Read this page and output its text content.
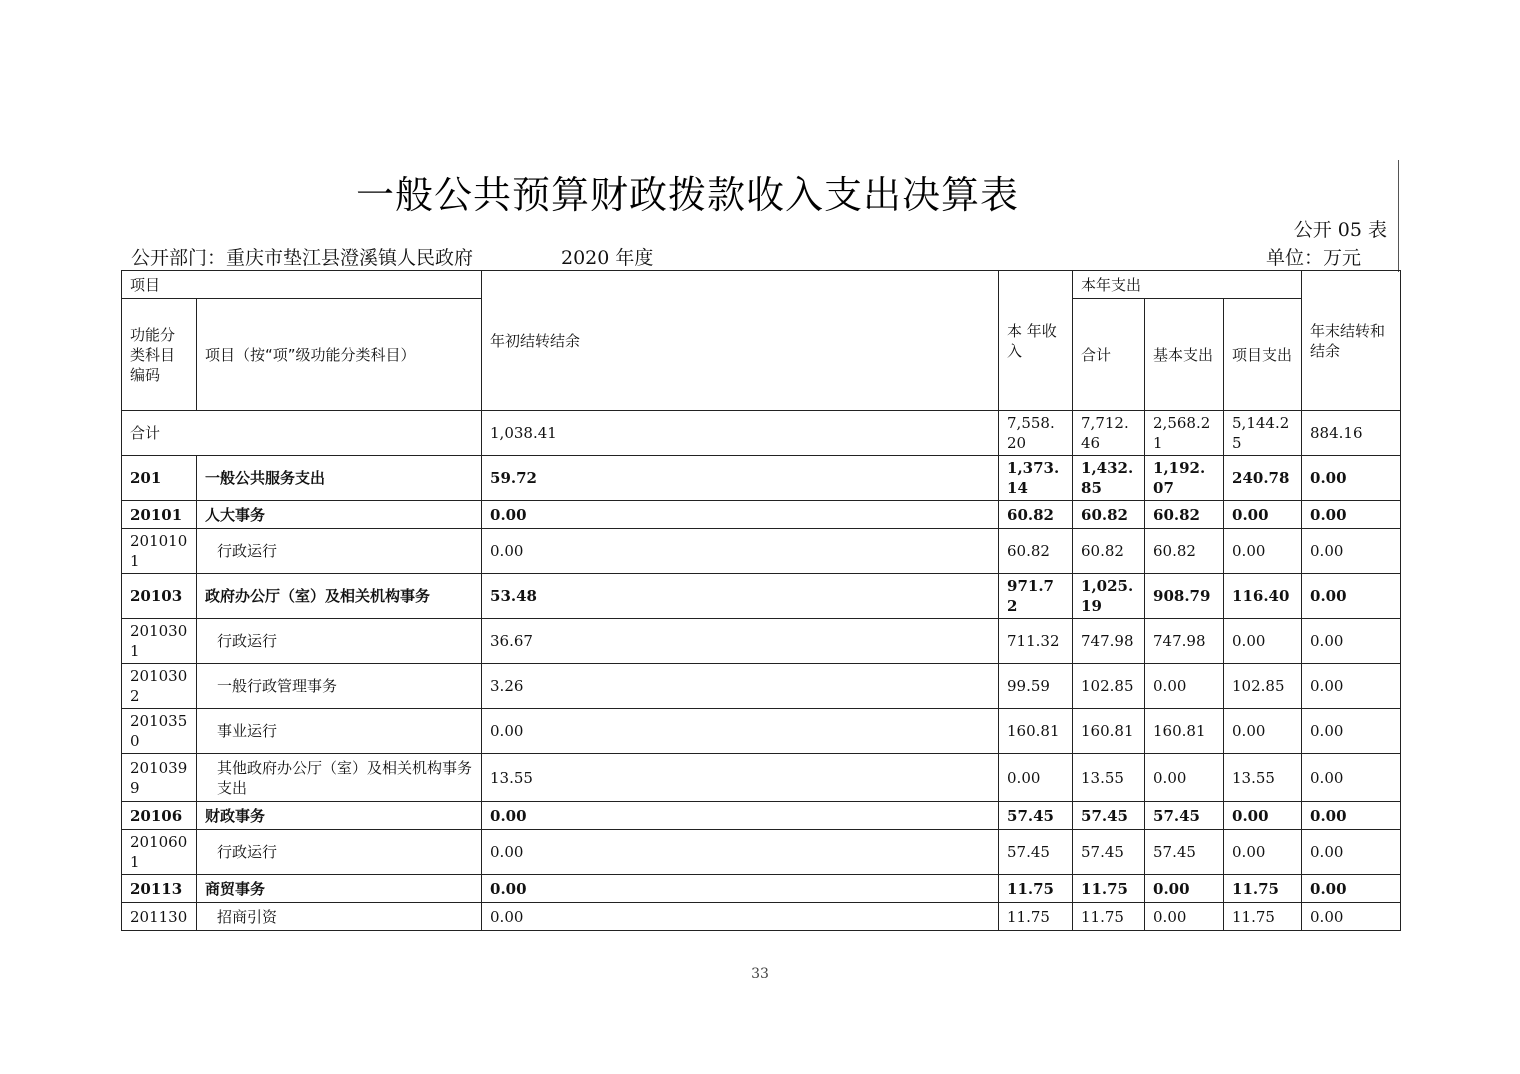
一般公共预算财政拨款收入支出决算表
公开 05 表
公开部门：重庆市垫江县澄溪镇人民政府	2020 年度	单位：万元
项目		年初结转结余	本 年收入	本年支出			年末结转和结余
功能分类科目编码	项目（按“项”级功能分类科目）			合计	基本支出	项目支出	
合计		1,038.41	7,558.20	7,712.46	2,568.21	5,144.25	884.16
201	一般公共服务支出	59.72	1,373.14	1,432.85	1,192.07	240.78	0.00
20101	人大事务	0.00	60.82	60.82	60.82	0.00	0.00
2010101	行政运行	0.00	60.82	60.82	60.82	0.00	0.00
20103	政府办公厅（室）及相关机构事务	53.48	971.72	1,025.19	908.79	116.40	0.00
2010301	行政运行	36.67	711.32	747.98	747.98	0.00	0.00
2010302	一般行政管理事务	3.26	99.59	102.85	0.00	102.85	0.00
2010350	事业运行	0.00	160.81	160.81	160.81	0.00	0.00
2010399	其他政府办公厅（室）及相关机构事务支出	13.55	0.00	13.55	0.00	13.55	0.00
20106	财政事务	0.00	57.45	57.45	57.45	0.00	0.00
2010601	行政运行	0.00	57.45	57.45	57.45	0.00	0.00
20113	商贸事务	0.00	11.75	11.75	0.00	11.75	0.00
201130	招商引资	0.00	11.75	11.75	0.00	11.75	0.00
33
